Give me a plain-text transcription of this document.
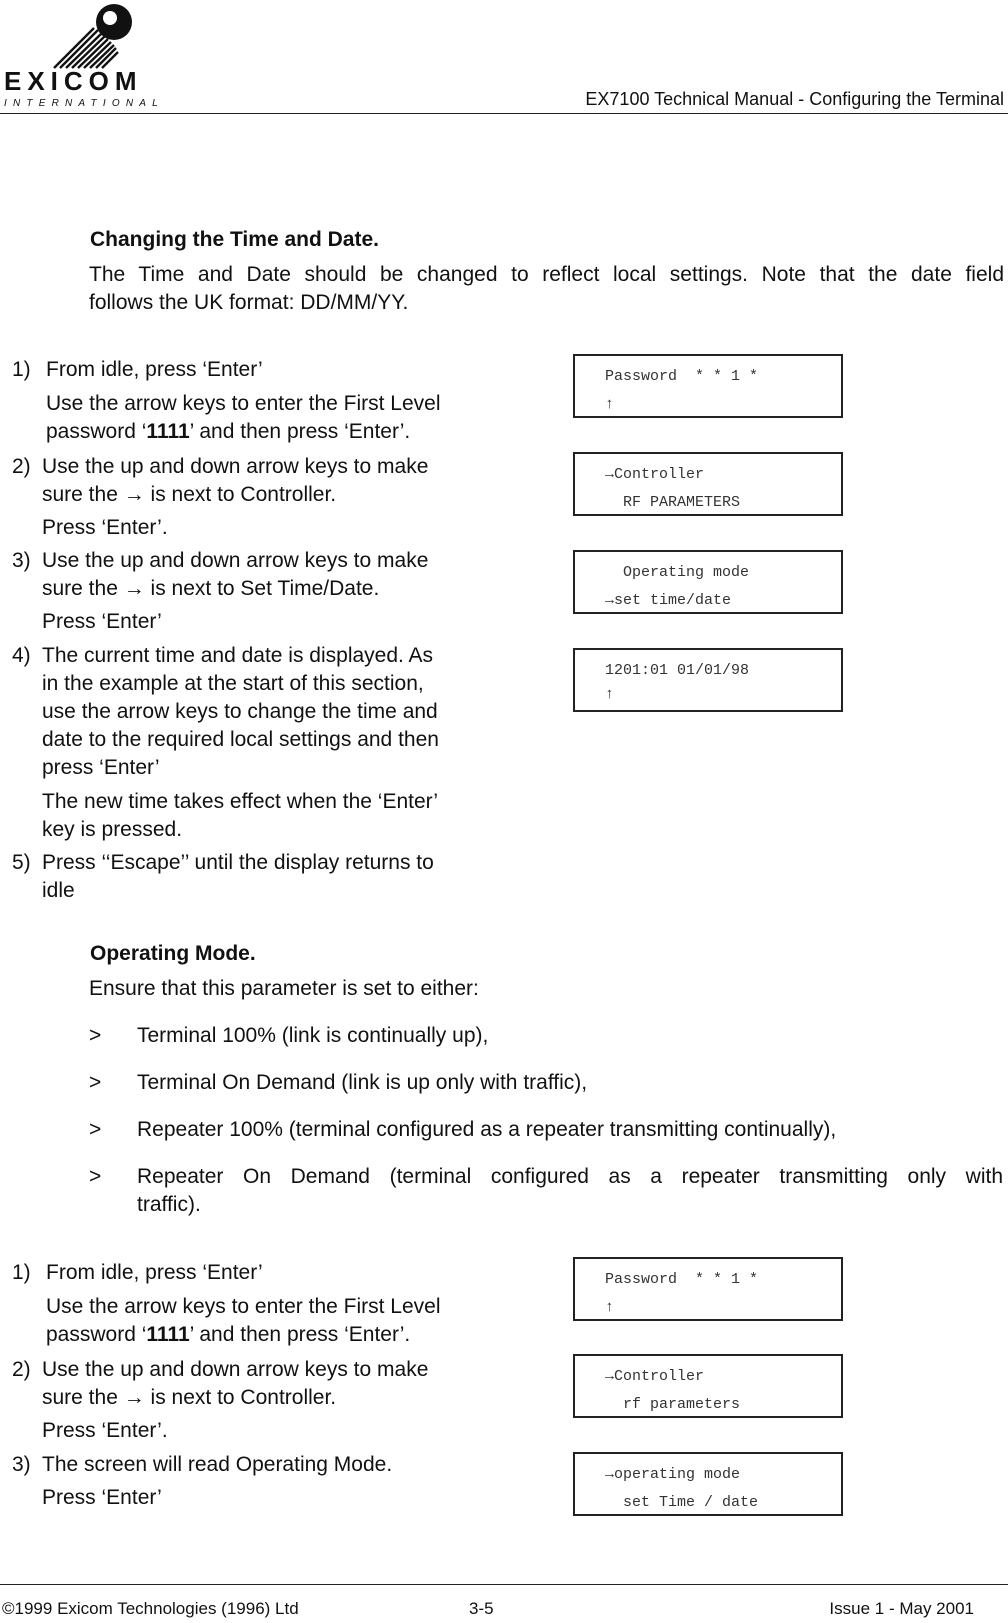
EXICOM
INTERNATIONAL	EX7100 Technical Manual - Configuring the Terminal
Changing the Time and Date.
The Time and Date should be changed to reflect local settings. Note that the date field
follows the UK format: DD/MM/YY.
1) From idle, press ‘Enter’
Use the arrow keys to enter the First Level
password ‘1111’ and then press ‘Enter’.
2) Use the up and down arrow keys to make
sure the → is next to Controller.
Press ‘Enter’.
3) Use the up and down arrow keys to make
sure the → is next to Set Time/Date.
Press ‘Enter’
4) The current time and date is displayed. As
in the example at the start of this section,
use the arrow keys to change the time and
date to the required local settings and then
press ‘Enter’
The new time takes effect when the ‘Enter’
key is pressed.
5) Press ‘‘Escape’’ until the display returns to
idle

Password  * * 1 *

↑

→Controller

RF PARAMETERS

Operating mode

→set time/date

1201:01 01/01/98

↑

Operating Mode.
Ensure that this parameter is set to either:
> Terminal 100% (link is continually up),
> Terminal On Demand (link is up only with traffic),
> Repeater 100% (terminal configured as a repeater transmitting continually),
> Repeater On Demand (terminal configured as a repeater transmitting only with
traffic).
1) From idle, press ‘Enter’
Use the arrow keys to enter the First Level
password ‘1111’ and then press ‘Enter’.
2) Use the up and down arrow keys to make
sure the → is next to Controller.
Press ‘Enter’.
3) The screen will read Operating Mode.
Press ‘Enter’

Password  * * 1 *

↑

→Controller

rf parameters

→operating mode

set Time / date

©1999 Exicom Technologies (1996) Ltd	3-5	Issue 1 - May 2001
